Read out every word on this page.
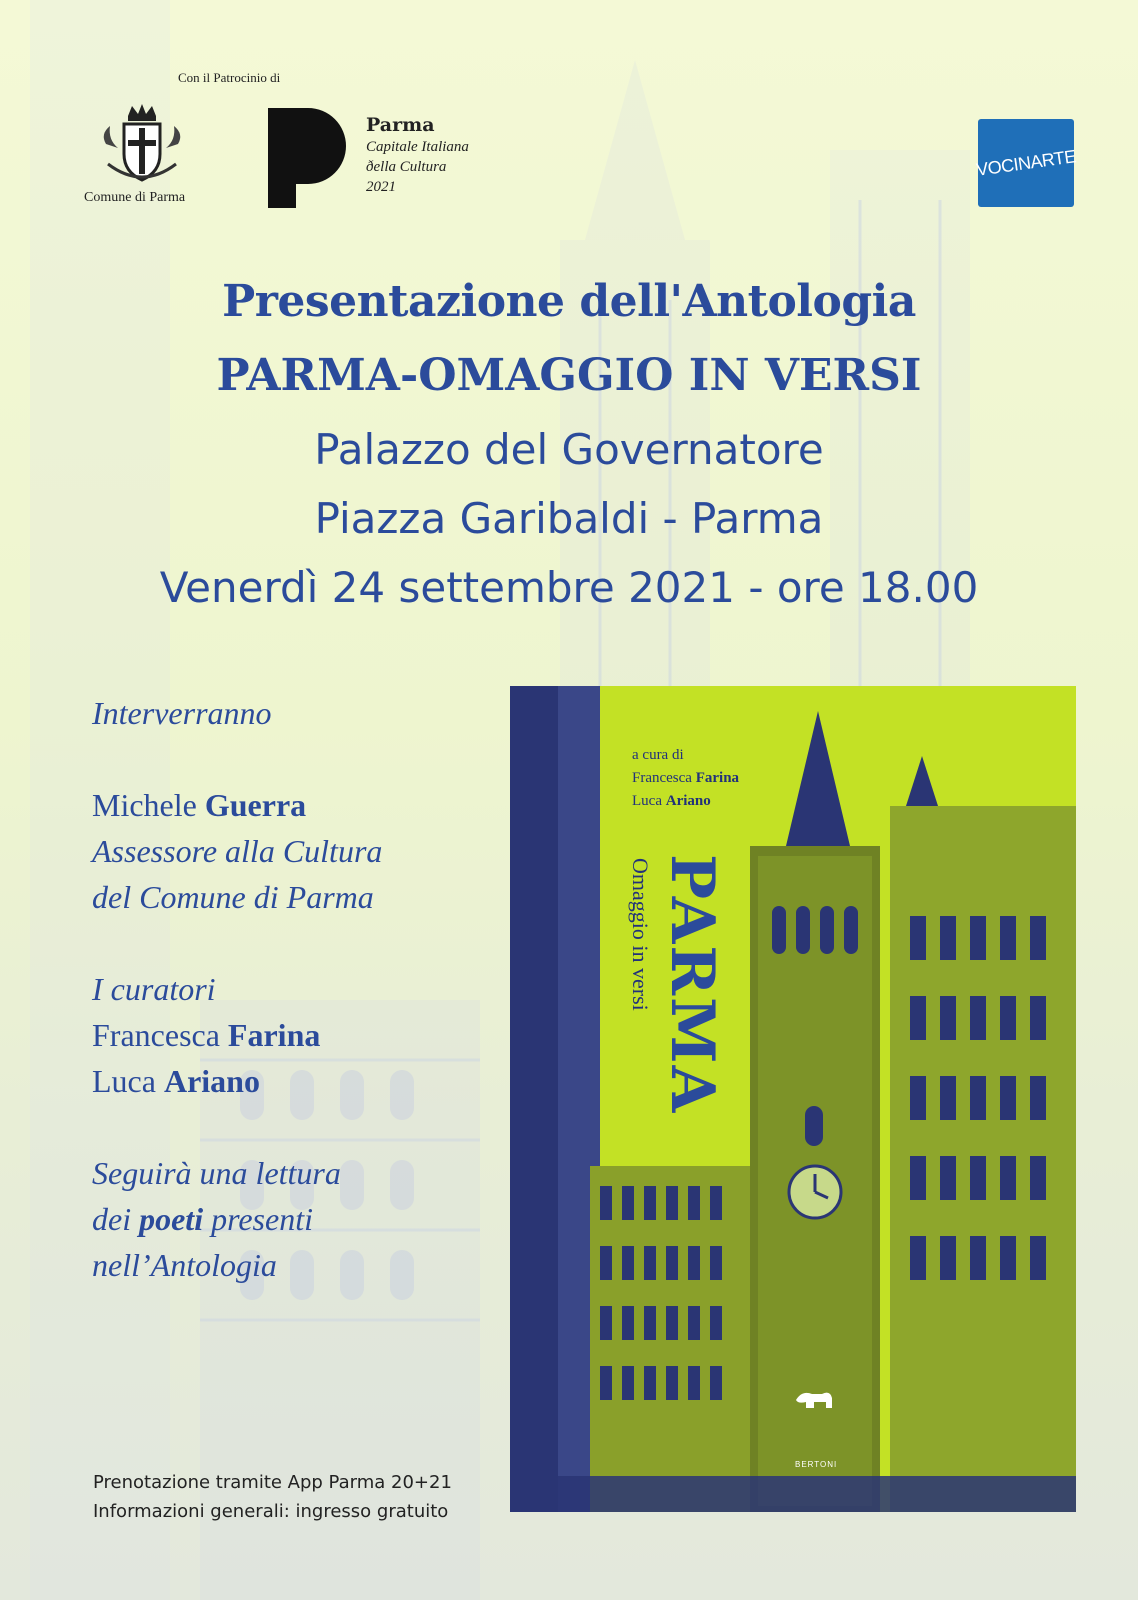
Con il Patrocinio di
Comune di Parma
Parma
Capitale Italiana
ðella Cultura
2021
VOCINARTE
Presentazione dell'Antologia
PARMA-OMAGGIO IN VERSI
Palazzo del Governatore
Piazza Garibaldi - Parma
Venerdì 24 settembre 2021 - ore 18.00
Interverranno
Michele Guerra
Assessore alla Cultura
del Comune di Parma
I curatori
Francesca Farina
Luca Ariano
Seguirà una lettura
dei poeti presenti
nell’Antologia
Prenotazione tramite App Parma 20+21
Informazioni generali: ingresso gratuito
a cura di
Francesca Farina
Luca Ariano
PARMA
Omaggio in versi
BERTONI
